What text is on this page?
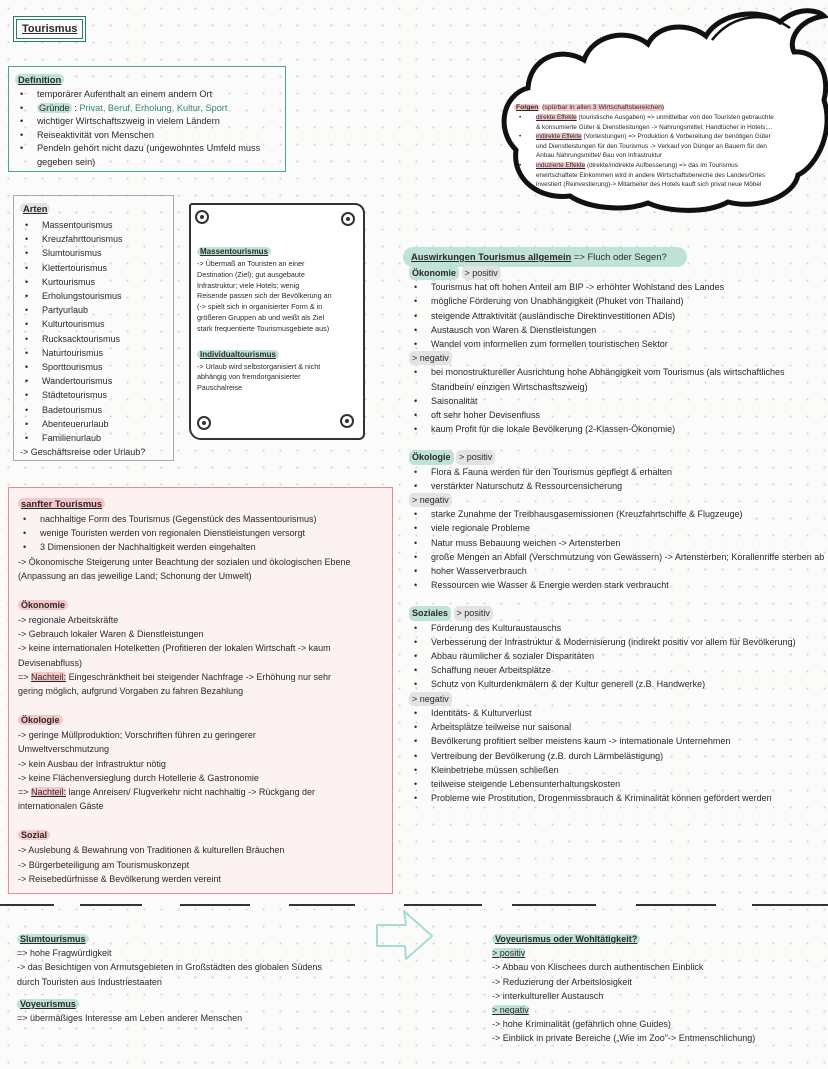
Tourismus
Definition
• temporärer Aufenthalt an einem andern Ort
• Gründe : Privat, Beruf, Erholung, Kultur, Sport
• wichtiger Wirtschaftszweig in vielem Ländern
• Reiseaktivität von Menschen
• Pendeln gehört nicht dazu (ungewohntes Umfeld muss gegeben sein)
Arten
• Massentourismus
• Kreuzfahrttourismus
• Slumtourismus
• Klettertourismus
• Kurtourismus
• Erholungstourismus
• Partyurlaub
• Kulturtourismus
• Rucksacktourismus
• Naturtourismus
• Sporttourismus
• Wandertourismus
• Städtetourismus
• Badetourismus
• Abenteuerurlaub
• Familienurlaub
-> Geschäftsreise oder Urlaub?
Massentourismus
-> Übermaß an Touristen an einer
Destination (Ziel); gut ausgebaute
Infrastruktur; viele Hotels; wenig
Reisende passen sich der Bevölkerung an
(-> spielt sich in organisierter Form & in
größeren Gruppen ab und weißt als Ziel
stark frequentierte Tourismusgebiete aus)
Individualtourismus
-> Urlaub wird selbstorganisiert & nicht
abhängig von fremdorganisierter
Pauschalreise
Folgen (spürbar in allen 3 Wirtschaftsbereichen)
• direkte Effekte (touristische Ausgaben) => unmittelbar von den Touristen gebrauchte
& konsumierte Güter & Dienstleistungen -> Nahrungsmittel; Handtücher in Hotels;...
• indirekte Effekte (Vorleistungen) => Produktion & Vorbereitung der benötigen Güter
und Dienstleistungen für den Tourismus -> Verkauf von Dünger an Bauern für den
Anbau Nahrungsmittel/ Bau von Infrastruktur
• induzierte Effekte (direkte/indirekte Aufbesserung) => das im Tourismus
erwirtschaftete Einkommen wird in andere Wirtschaftsbereiche des Landes/Ortes
investiert (Reinvestierung)-> Mitarbeiter des Hotels kauft sich privat neue Möbel
sanfter Tourismus
• nachhaltige Form des Tourismus (Gegenstück des Massentourismus)
• wenige Touristen werden von regionalen Dienstleistungen versorgt
• 3 Dimensionen der Nachhaltigkeit werden eingehalten
-> Ökonomische Steigerung unter Beachtung der sozialen und ökologischen Ebene
(Anpassung an das jeweilige Land; Schonung der Umwelt)
Ökonomie
-> regionale Arbeitskräfte
-> Gebrauch lokaler Waren & Dienstleistungen
-> keine internationalen Hotelketten (Profitieren der lokalen Wirtschaft -> kaum
Devisenabfluss)
=> Nachteil: Eingeschränktheit bei steigender Nachfrage -> Erhöhung nur sehr
gering möglich, aufgrund Vorgaben zu fahren Bezahlung
Ökologie
-> geringe Müllproduktion; Vorschriften führen zu geringerer
Umweltverschmutzung
-> kein Ausbau der Infrastruktur nötig
-> keine Flächenversieglung durch Hotellerie & Gastronomie
=> Nachteil: lange Anreisen/ Flugverkehr nicht nachhaltig -> Rückgang der
internationalen Gäste
Sozial
-> Auslebung & Bewahrung von Traditionen & kulturellen Bräuchen
-> Bürgerbeteiligung am Tourismuskonzept
-> Reisebedürfnisse & Bevölkerung werden vereint
Auswirkungen Tourismus allgemein => Fluch oder Segen?
Ökonomie > positiv
• Tourismus hat oft hohen Anteil am BIP -> erhöhter Wohlstand des Landes
• mögliche Förderung von Unabhängigkeit (Phuket von Thailand)
• steigende Attraktivität (ausländische Direktinvestitionen ADIs)
• Austausch von Waren & Dienstleistungen
• Wandel vom informellen zum formellen touristischen Sektor
> negativ
• bei monostruktureller Ausrichtung hohe Abhängigkeit vom Tourismus (als wirtschaftliches Standbein/ einzigen Wirtschasftszweig)
• Saisonalität
• oft sehr hoher Devisenfluss
• kaum Profit für die lokale Bevölkerung (2-Klassen-Ökonomie)
Ökologie > positiv
• Flora & Fauna werden für den Tourismus gepflegt & erhalten
• verstärkter Naturschutz & Ressourcensicherung
> negativ
• starke Zunahme der Treibhausgasemissionen (Kreuzfahrtschiffe & Flugzeuge)
• viele regionale Probleme
• Natur muss Bebauung weichen -> Artensterben
• große Mengen an Abfall (Verschmutzung von Gewässern) -> Artensterben; Korallenriffe sterben ab
• hoher Wasserverbrauch
• Ressourcen wie Wasser & Energie werden stark verbraucht
Soziales > positiv
• Förderung des Kulturaustauschs
• Verbesserung der Infrastruktur & Modernisierung (indirekt positiv vor allem für Bevölkerung)
• Abbau räumlicher & sozialer Disparitäten
• Schaffung neuer Arbeitsplätze
• Schutz von Kulturdenkmälern & der Kultur generell (z.B. Handwerke)
> negativ
• Identitäts- & Kulturverlust
• Arbeitsplätze teilweise nur saisonal
• Bevölkerung profitiert selber meistens kaum -> internationale Unternehmen
• Vertreibung der Bevölkerung (z.B. durch Lärmbelästigung)
• Kleinbetriebe müssen schließen
• teilweise steigende Lebensunterhaltungskosten
• Probleme wie Prostitution, Drogenmissbrauch & Kriminalität können gefördert werden
Slumtourismus
=> hohe Fragwürdigkeit
-> das Besichtigen von Armutsgebieten in Großstädten des globalen Südens
durch Touristen aus Industriestaaten
Voyeurismus
=> übermäßiges Interesse am Leben anderer Menschen
Voyeurismus oder Wohltätigkeit?
> positiv
-> Abbau von Klischees durch authentischen Einblick
-> Reduzierung der Arbeitslosigkeit
-> interkultureller Austausch
> negativ
-> hohe Kriminalität (gefährlich ohne Guides)
-> Einblick in private Bereiche („Wie im Zoo"-> Entmenschlichung)
